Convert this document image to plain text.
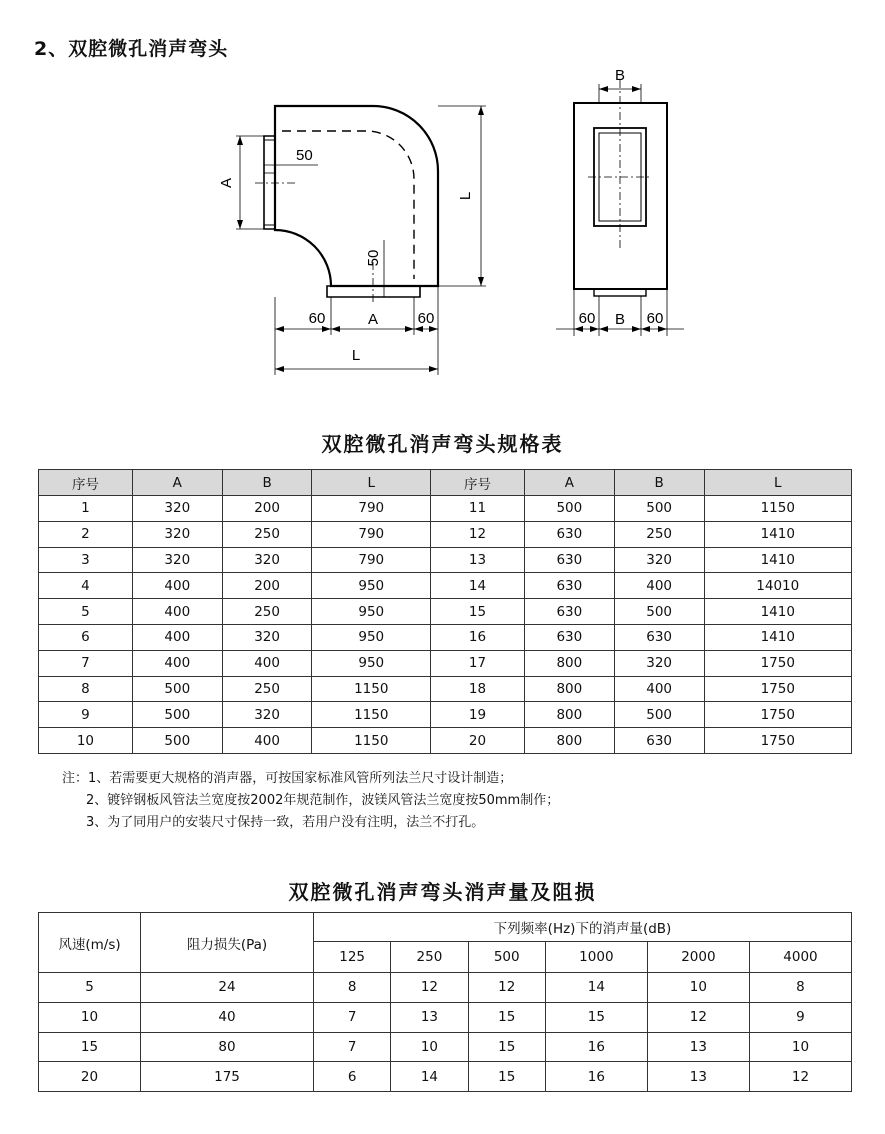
2、双腔微孔消声弯头
A
50
50
L
60	A	60
L
B
60 B 60
双腔微孔消声弯头规格表
序号	A	B	L	序号	A	B	L
1	320	200	790	11	500	500	1150
2	320	250	790	12	630	250	1410
3	320	320	790	13	630	320	1410
4	400	200	950	14	630	400	14010
5	400	250	950	15	630	500	1410
6	400	320	950	16	630	630	1410
7	400	400	950	17	800	320	1750
8	500	250	1150	18	800	400	1750
9	500	320	1150	19	800	500	1750
10	500	400	1150	20	800	630	1750
注：1、若需要更大规格的消声器，可按国家标准风管所列法兰尺寸设计制造；
2、镀锌钢板风管法兰宽度按2002年规范制作，波镁风管法兰宽度按50mm制作；
3、为了同用户的安装尺寸保持一致，若用户没有注明，法兰不打孔。
双腔微孔消声弯头消声量及阻损
风速(m/s)	阻力损失(Pa)	下列频率(Hz)下的消声量(dB)					
		125	250	500	1000	2000	4000
5	24	8	12	12	14	10	8
10	40	7	13	15	15	12	9
15	80	7	10	15	16	13	10
20	175	6	14	15	16	13	12
